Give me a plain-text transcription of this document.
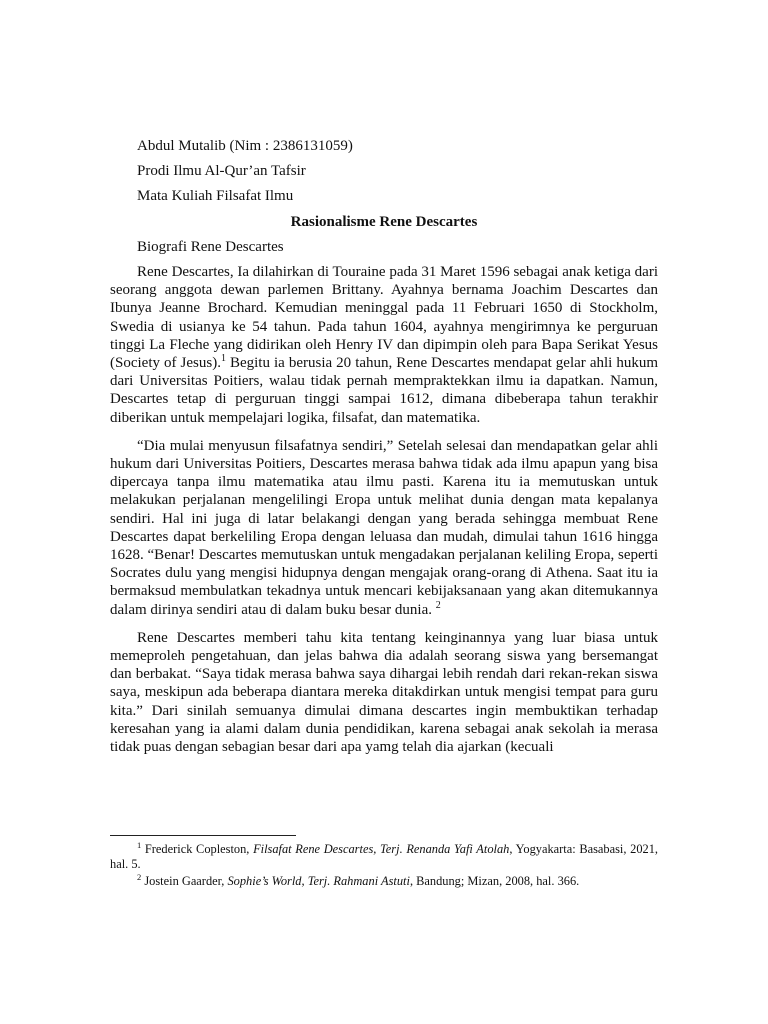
Abdul Mutalib (Nim : 2386131059)

Prodi Ilmu Al-Qur’an Tafsir

Mata Kuliah Filsafat Ilmu

Rasionalisme Rene Descartes

Biografi Rene Descartes

Rene Descartes, Ia dilahirkan di Touraine pada 31 Maret 1596 sebagai anak ketiga dari seorang anggota dewan parlemen Brittany. Ayahnya bernama Joachim Descartes dan Ibunya Jeanne Brochard. Kemudian meninggal pada 11 Februari 1650 di Stockholm, Swedia di usianya ke 54 tahun. Pada tahun 1604, ayahnya mengirimnya ke perguruan tinggi La Fleche yang didirikan oleh Henry IV dan dipimpin oleh para Bapa Serikat Yesus (Society of Jesus).$^1$ Begitu ia berusia 20 tahun, Rene Descartes mendapat gelar ahli hukum dari Universitas Poitiers, walau tidak pernah mempraktekkan ilmu ia dapatkan. Namun, Descartes tetap di perguruan tinggi sampai 1612, dimana dibeberapa tahun terakhir diberikan untuk mempelajari logika, filsafat, dan matematika.

“Dia mulai menyusun filsafatnya sendiri,” Setelah selesai dan mendapatkan gelar ahli hukum dari Universitas Poitiers, Descartes merasa bahwa tidak ada ilmu apapun yang bisa dipercaya tanpa ilmu matematika atau ilmu pasti. Karena itu ia memutuskan untuk melakukan perjalanan mengelilingi Eropa untuk melihat dunia dengan mata kepalanya sendiri. Hal ini juga di latar belakangi dengan yang berada sehingga membuat Rene Descartes dapat berkeliling Eropa dengan leluasa dan mudah, dimulai tahun 1616 hingga 1628. “Benar! Descartes memutuskan untuk mengadakan perjalanan keliling Eropa, seperti Socrates dulu yang mengisi hidupnya dengan mengajak orang-orang di Athena. Saat itu ia bermaksud membulatkan tekadnya untuk mencari kebijaksanaan yang akan ditemukannya dalam dirinya sendiri atau di dalam buku besar dunia. $^2$

Rene Descartes memberi tahu kita tentang keinginannya yang luar biasa untuk memeproleh pengetahuan, dan jelas bahwa dia adalah seorang siswa yang bersemangat dan berbakat. “Saya tidak merasa bahwa saya dihargai lebih rendah dari rekan-rekan siswa saya, meskipun ada beberapa diantara mereka ditakdirkan untuk mengisi tempat para guru kita.” Dari sinilah semuanya dimulai dimana descartes ingin membuktikan terhadap keresahan yang ia alami dalam dunia pendidikan, karena sebagai anak sekolah ia merasa tidak puas dengan sebagian besar dari apa yamg telah dia ajarkan (kecuali

$^1$ Frederick Copleston, Filsafat Rene Descartes, Terj. Renanda Yafi Atolah, Yogyakarta: Basabasi, 2021, hal. 5.

$^2$ Jostein Gaarder, Sophie’s World, Terj. Rahmani Astuti, Bandung; Mizan, 2008, hal. 366.
